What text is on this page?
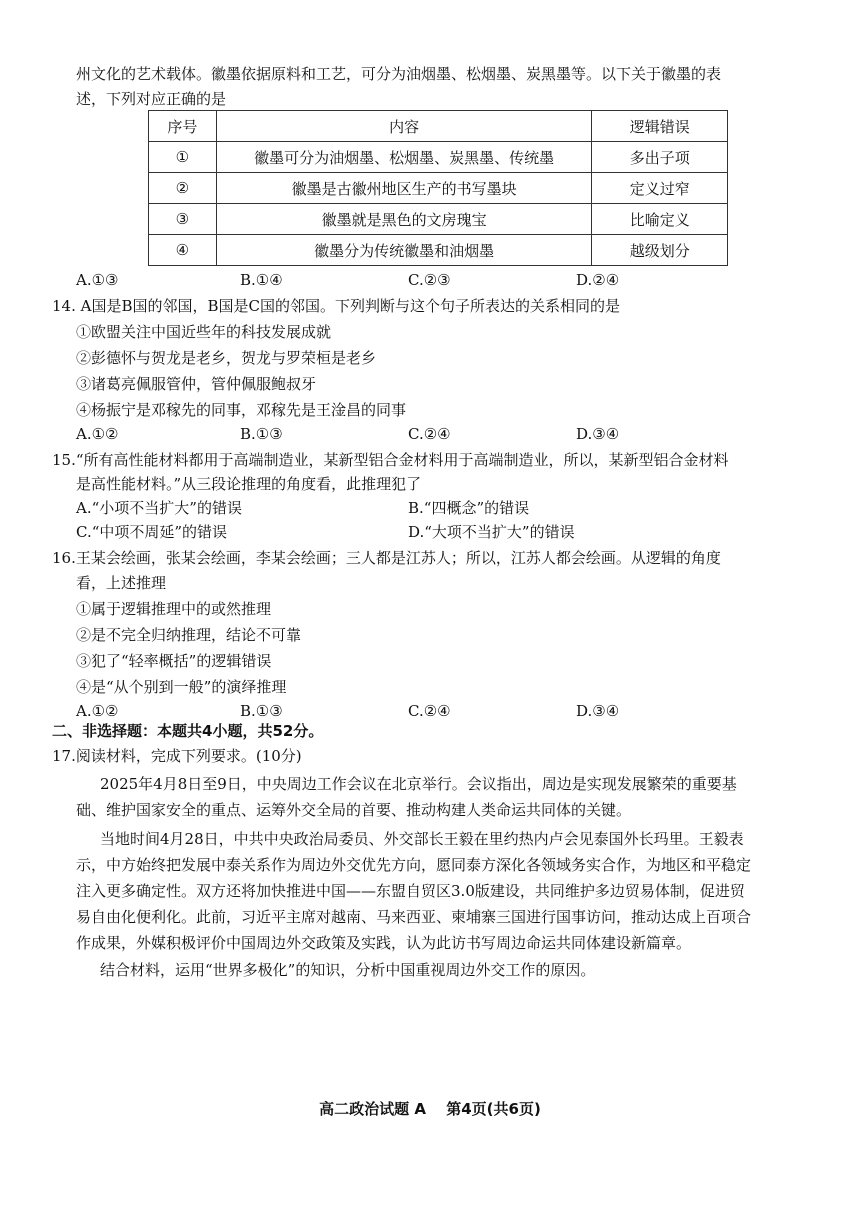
州文化的艺术载体。徽墨依据原料和工艺，可分为油烟墨、松烟墨、炭黑墨等。以下关于徽墨的表
述，下列对应正确的是
序号	内容	逻辑错误
①	徽墨可分为油烟墨、松烟墨、炭黑墨、传统墨	多出子项
②	徽墨是古徽州地区生产的书写墨块	定义过窄
③	徽墨就是黑色的文房瑰宝	比喻定义
④	徽墨分为传统徽墨和油烟墨	越级划分
A.①③	B.①④	C.②③	D.②④
14. A国是B国的邻国，B国是C国的邻国。下列判断与这个句子所表达的关系相同的是
①欧盟关注中国近些年的科技发展成就
②彭德怀与贺龙是老乡，贺龙与罗荣桓是老乡
③诸葛亮佩服管仲，管仲佩服鲍叔牙
④杨振宁是邓稼先的同事，邓稼先是王淦昌的同事
A.①②	B.①③	C.②④	D.③④
15.“所有高性能材料都用于高端制造业，某新型铝合金材料用于高端制造业，所以，某新型铝合金材料
是高性能材料。”从三段论推理的角度看，此推理犯了
A.“小项不当扩大”的错误	B.“四概念”的错误
C.“中项不周延”的错误	D.“大项不当扩大”的错误
16.王某会绘画，张某会绘画，李某会绘画；三人都是江苏人；所以，江苏人都会绘画。从逻辑的角度
看，上述推理
①属于逻辑推理中的或然推理
②是不完全归纳推理，结论不可靠
③犯了“轻率概括”的逻辑错误
④是“从个别到一般”的演绎推理
B.①③	C.②④	D.③④
A.①②
二、非选择题：本题共4小题，共52分。
17.阅读材料，完成下列要求。(10分)
2025年4月8日至9日，中央周边工作会议在北京举行。会议指出，周边是实现发展繁荣的重要基
础、维护国家安全的重点、运筹外交全局的首要、推动构建人类命运共同体的关键。
当地时间4月28日，中共中央政治局委员、外交部长王毅在里约热内卢会见泰国外长玛里。王毅表
示，中方始终把发展中泰关系作为周边外交优先方向，愿同泰方深化各领域务实合作，为地区和平稳定
注入更多确定性。双方还将加快推进中国——东盟自贸区3.0版建设，共同维护多边贸易体制，促进贸
易自由化便利化。此前，习近平主席对越南、马来西亚、柬埔寨三国进行国事访问，推动达成上百项合
作成果，外媒积极评价中国周边外交政策及实践，认为此访书写周边命运共同体建设新篇章。
结合材料，运用“世界多极化”的知识，分析中国重视周边外交工作的原因。
高二政治试题 A　 第4页(共6页)
